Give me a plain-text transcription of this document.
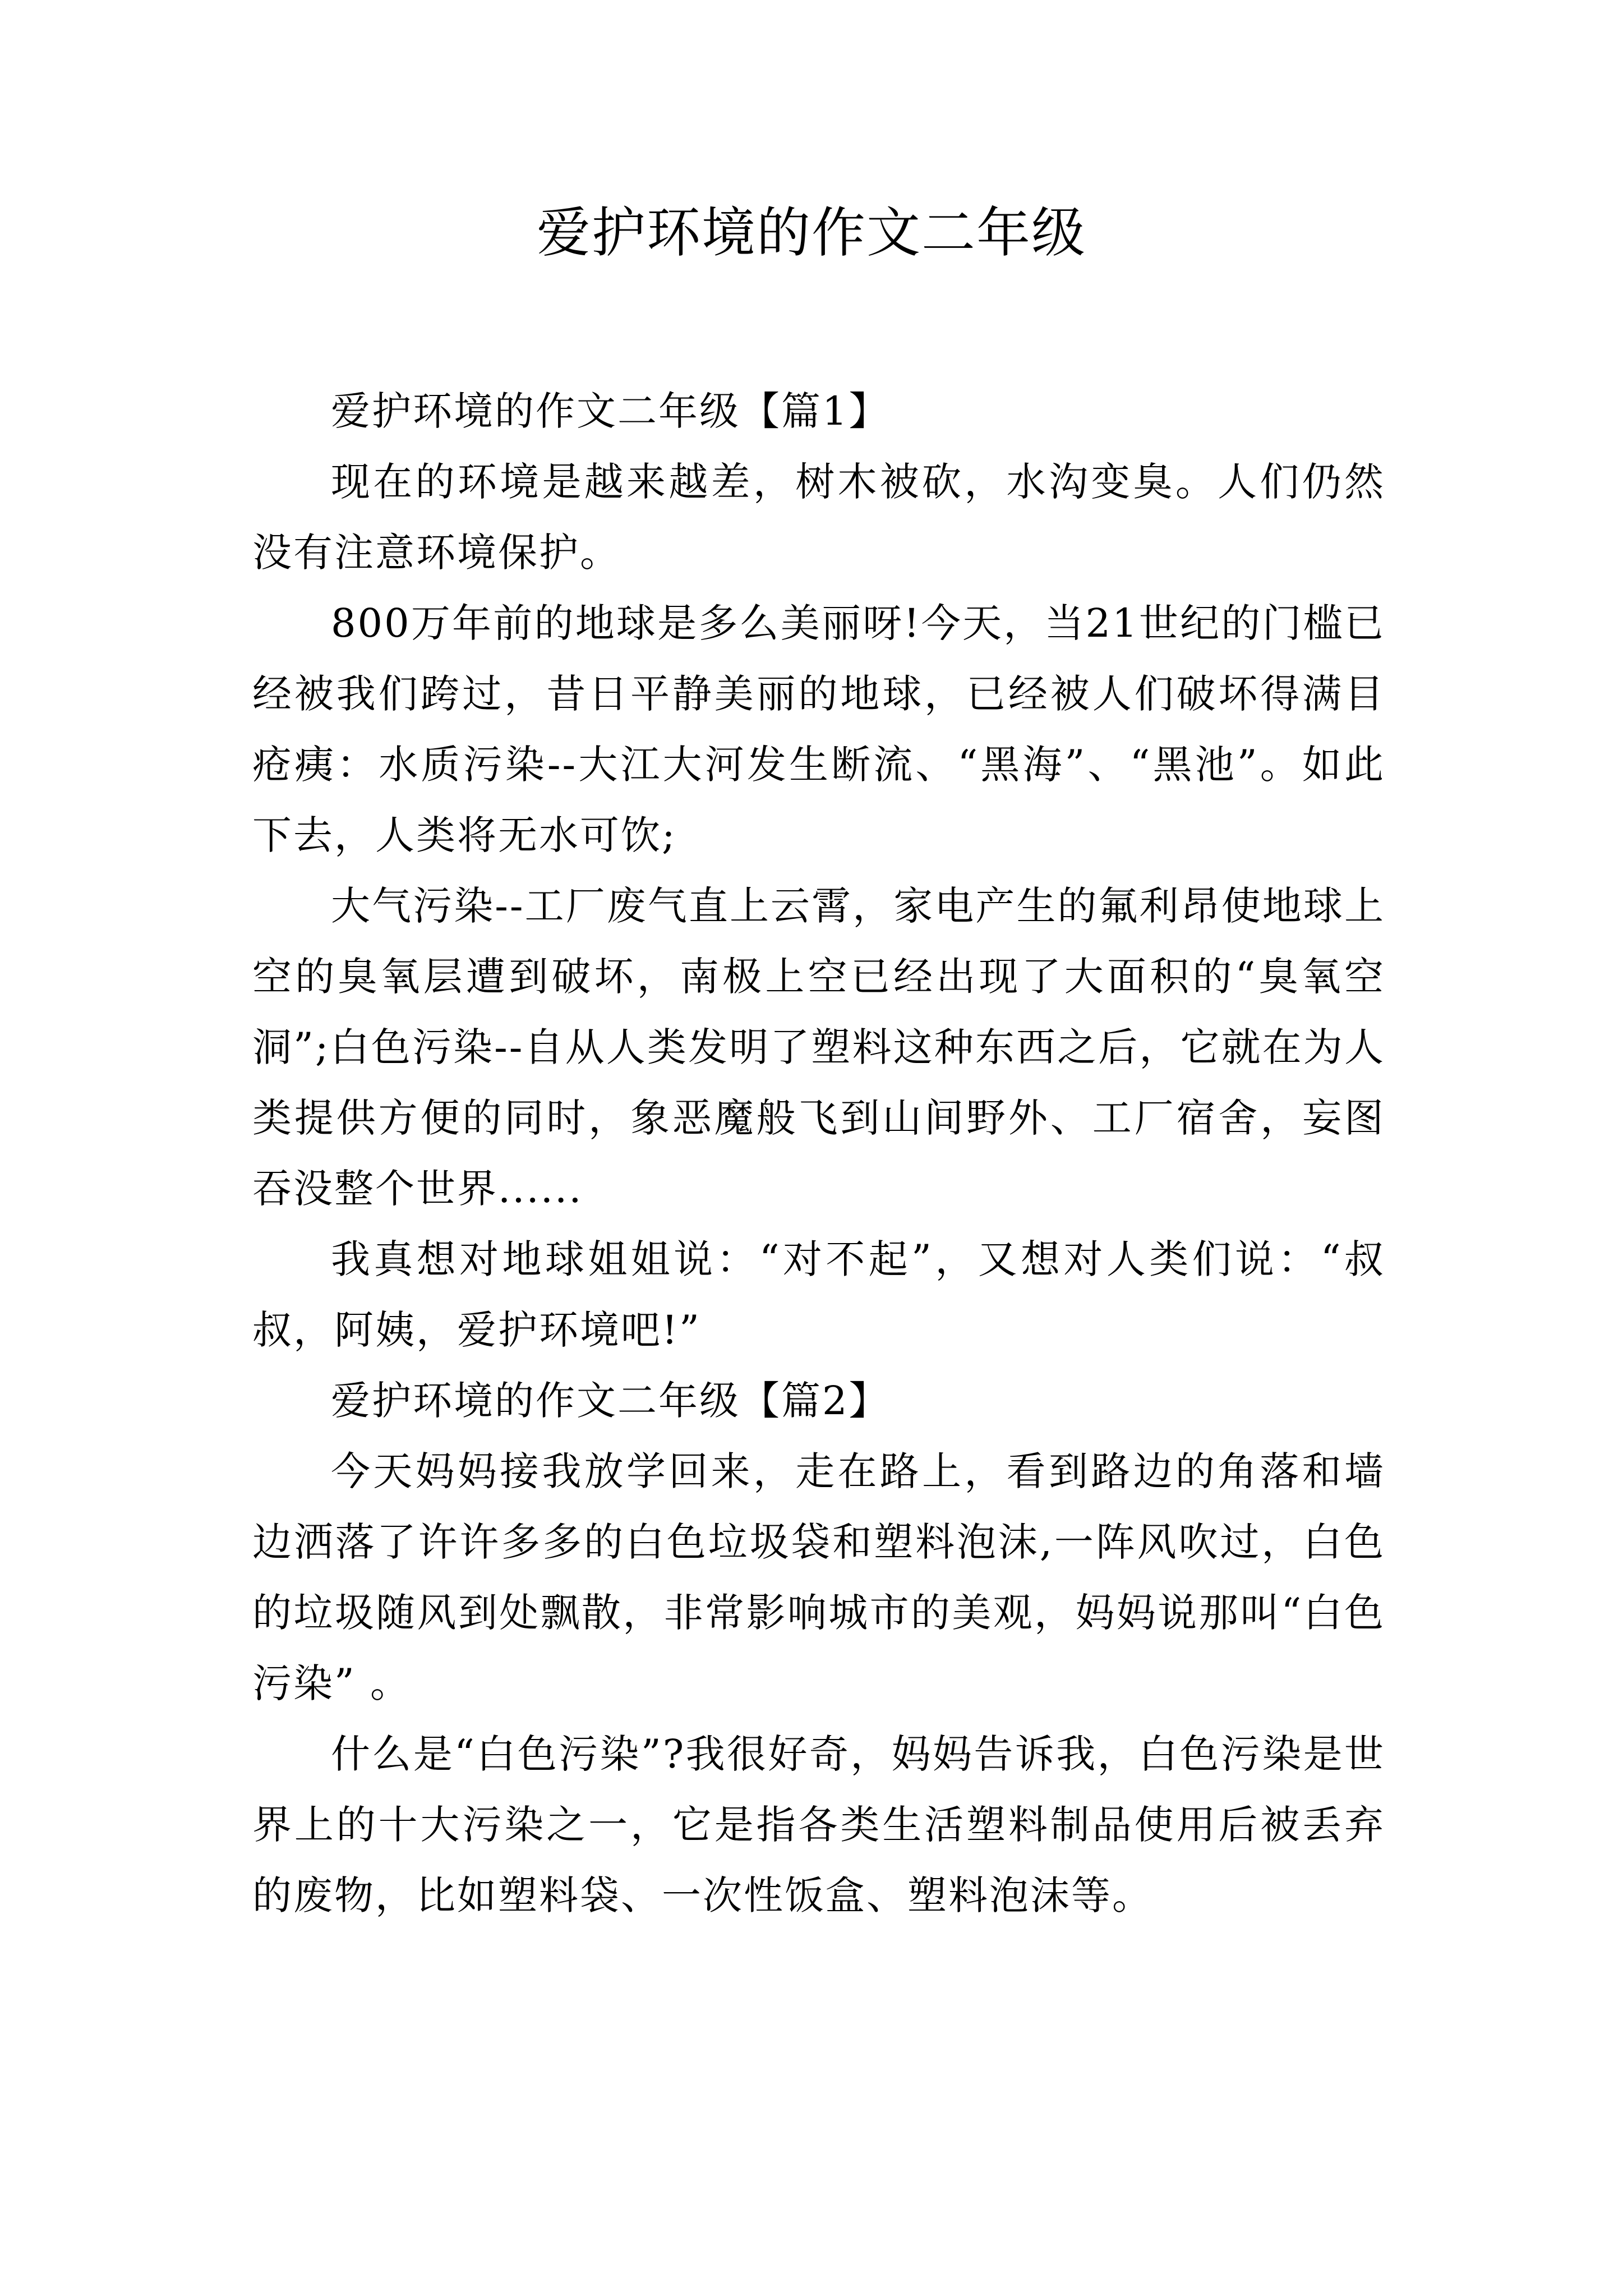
爱护环境的作文二年级

爱护环境的作文二年级【篇1】

现在的环境是越来越差，树木被砍，水沟变臭。人们仍然没有注意环境保护。

800万年前的地球是多么美丽呀!今天，当21世纪的门槛已经被我们跨过，昔日平静美丽的地球，已经被人们破坏得满目疮痍：水质污染--大江大河发生断流、“黑海”、“黑池”。如此下去，人类将无水可饮;

大气污染--工厂废气直上云霄，家电产生的氟利昂使地球上空的臭氧层遭到破坏，南极上空已经出现了大面积的“臭氧空洞”;白色污染--自从人类发明了塑料这种东西之后，它就在为人类提供方便的同时，象恶魔般飞到山间野外、工厂宿舍，妄图吞没整个世界......

我真想对地球姐姐说：“对不起”，又想对人类们说：“叔叔，阿姨，爱护环境吧!”

爱护环境的作文二年级【篇2】

今天妈妈接我放学回来，走在路上，看到路边的角落和墙边洒落了许许多多的白色垃圾袋和塑料泡沫,一阵风吹过，白色的垃圾随风到处飘散，非常影响城市的美观，妈妈说那叫“白色污染” 。

什么是“白色污染”?我很好奇，妈妈告诉我，白色污染是世界上的十大污染之一，它是指各类生活塑料制品使用后被丢弃的废物，比如塑料袋、一次性饭盒、塑料泡沫等。
